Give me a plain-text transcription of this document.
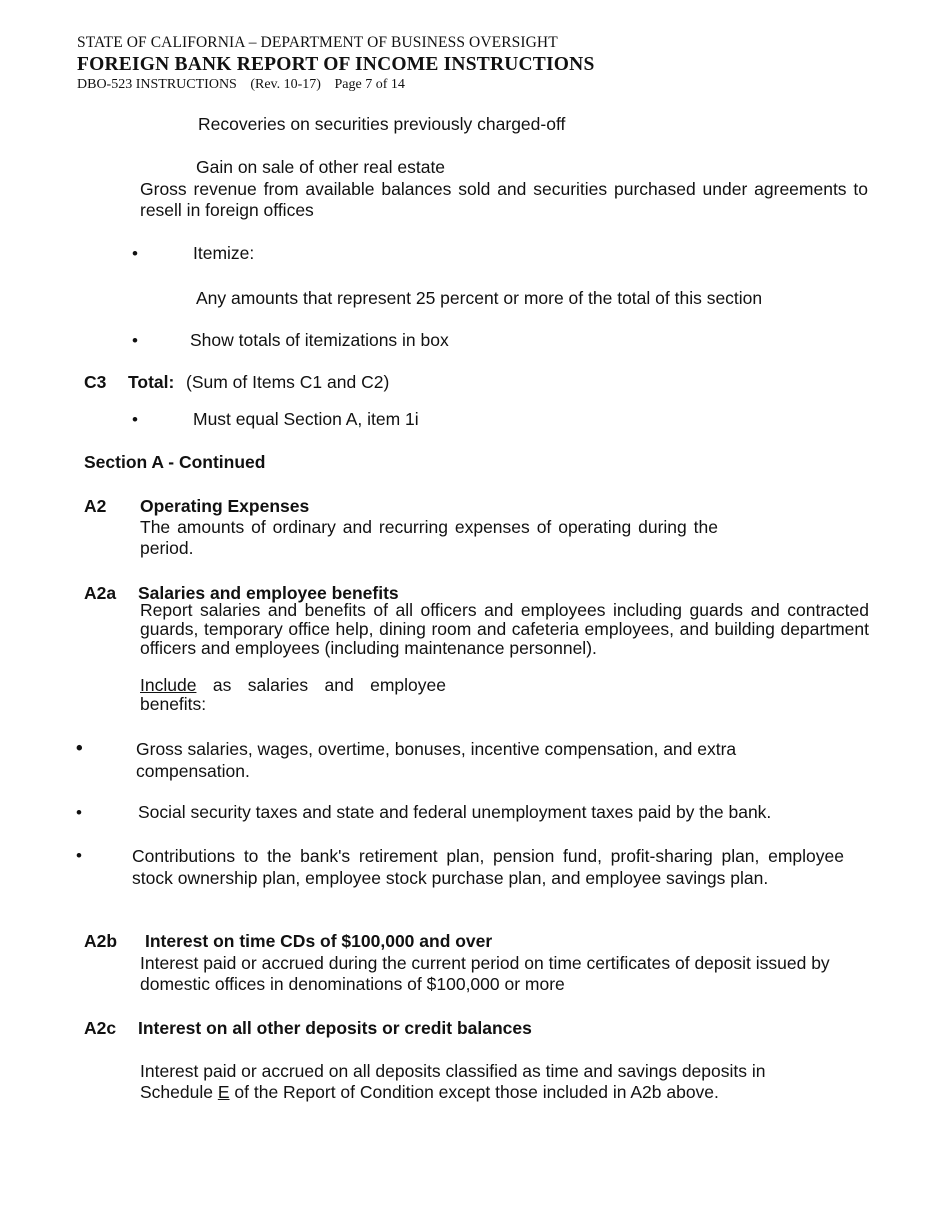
STATE OF CALIFORNIA – DEPARTMENT OF BUSINESS OVERSIGHT
FOREIGN BANK REPORT OF INCOME INSTRUCTIONS
DBO-523 INSTRUCTIONS (Rev. 10-17) Page 7 of 14
Recoveries on securities previously charged-off
Gain on sale of other real estate
Gross revenue from available balances sold and securities purchased under agreements to resell in foreign offices
•	Itemize:
Any amounts that represent 25 percent or more of the total of this section
•	Show totals of itemizations in box
C3 Total: (Sum of Items C1 and C2)
•	Must equal Section A, item 1i
Section A - Continued
A2 Operating Expenses
The amounts of ordinary and recurring expenses of operating during the period.
A2a Salaries and employee benefits
Report salaries and benefits of all officers and employees including guards and contracted guards, temporary office help, dining room and cafeteria employees, and building department officers and employees (including maintenance personnel).
Include as salaries and employee benefits:
•	Gross salaries, wages, overtime, bonuses, incentive compensation, and extra compensation.
•	Social security taxes and state and federal unemployment taxes paid by the bank.
•	Contributions to the bank's retirement plan, pension fund, profit-sharing plan, employee stock ownership plan, employee stock purchase plan, and employee savings plan.
A2b Interest on time CDs of $100,000 and over
Interest paid or accrued during the current period on time certificates of deposit issued by domestic offices in denominations of $100,000 or more
A2c Interest on all other deposits or credit balances
Interest paid or accrued on all deposits classified as time and savings deposits in Schedule E of the Report of Condition except those included in A2b above.
